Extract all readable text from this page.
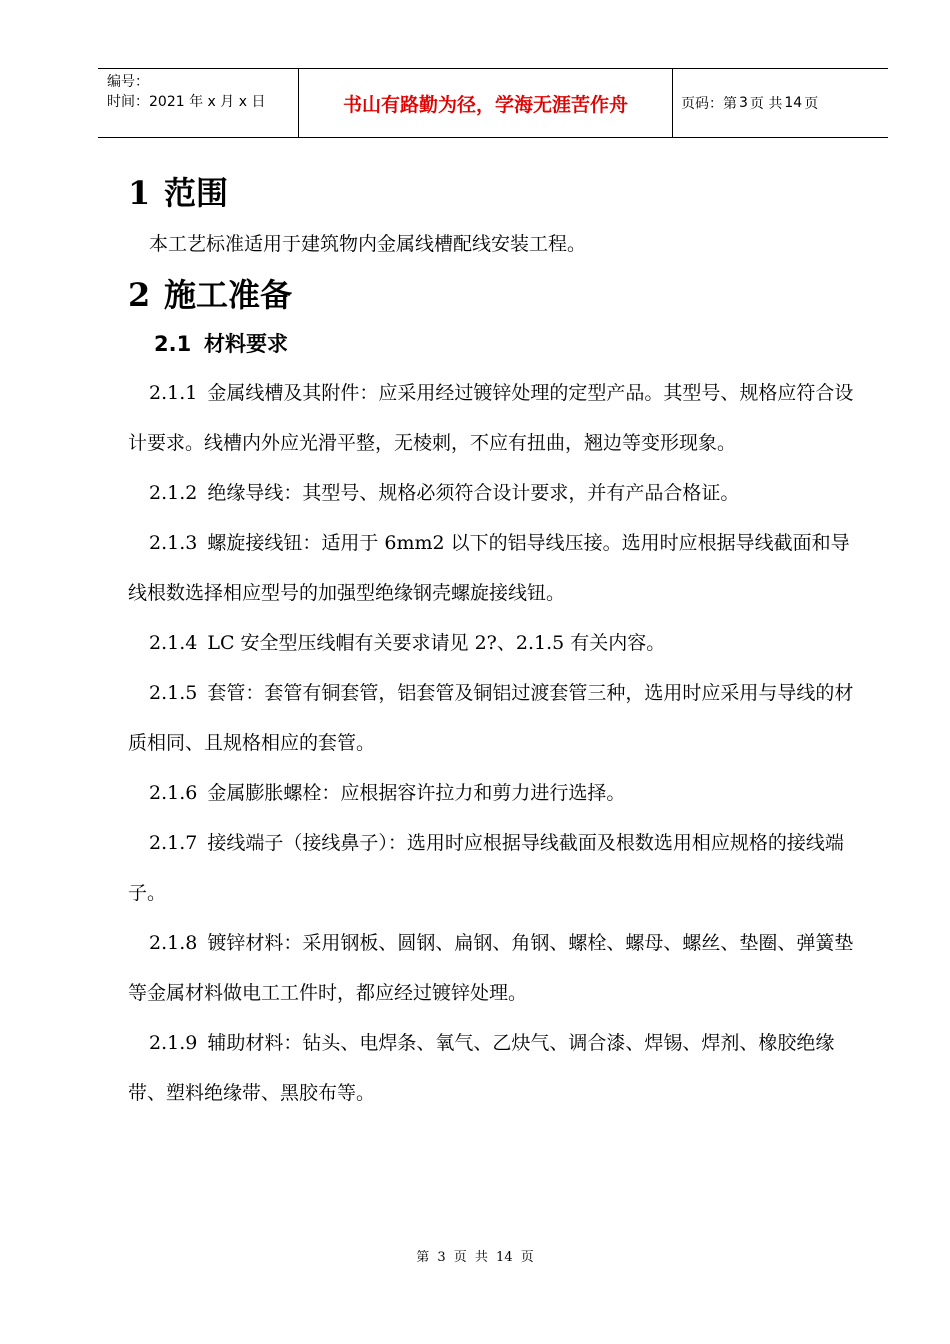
编号：
时间：2021 年 x 月 x 日	书山有路勤为径，学海无涯苦作舟	页码：第 3 页 共 14 页
1 范围

本工艺标准适用于建筑物内金属线槽配线安装工程。

2 施工准备
2.1 材料要求

2.1.1 金属线槽及其附件：应采用经过镀锌处理的定型产品。其型号、规格应符合设计要求。线槽内外应光滑平整，无棱刺，不应有扭曲，翘边等变形现象。

2.1.2 绝缘导线：其型号、规格必须符合设计要求，并有产品合格证。

2.1.3 螺旋接线钮：适用于 6mm2 以下的铝导线压接。选用时应根据导线截面和导线根数选择相应型号的加强型绝缘钢壳螺旋接线钮。

2.1.4 LC 安全型压线帽有关要求请见 2?、2.1.5 有关内容。

2.1.5 套管：套管有铜套管，铝套管及铜铝过渡套管三种，选用时应采用与导线的材质相同、且规格相应的套管。

2.1.6 金属膨胀螺栓：应根据容许拉力和剪力进行选择。

2.1.7 接线端子（接线鼻子）：选用时应根据导线截面及根数选用相应规格的接线端子。

2.1.8 镀锌材料：采用钢板、圆钢、扁钢、角钢、螺栓、螺母、螺丝、垫圈、弹簧垫等金属材料做电工工件时，都应经过镀锌处理。

2.1.9 辅助材料：钻头、电焊条、氧气、乙炔气、调合漆、焊锡、焊剂、橡胶绝缘带、塑料绝缘带、黑胶布等。

第 3 页 共 14 页
